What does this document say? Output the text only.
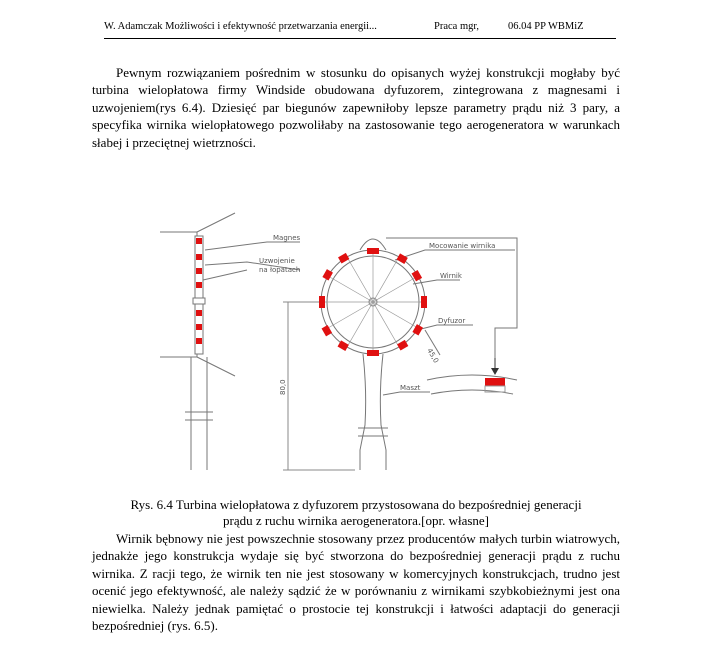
W. Adamczak Możliwości i efektywność przetwarzania energii...	Praca mgr,	06.04 PP WBMiZ

Pewnym rozwiązaniem pośrednim w stosunku do opisanych wyżej konstrukcji mogłaby być turbina wielopłatowa firmy Windside obudowana dyfuzorem, zintegrowana z magnesami i uzwojeniem(rys 6.4). Dziesięć par biegunów zapewniłoby lepsze parametry prądu niż 3 pary, a specyfika wirnika wielopłatowego pozwoliłaby na zastosowanie tego aerogeneratora w warunkach słabej i przeciętnej wietrzności.

Magnes
Uzwojenie
na łopatach
Mocowanie wirnika
Wirnik
Dyfuzor
Maszt
80,0
45,0
Rys. 6.4 Turbina wielopłatowa z dyfuzorem przystosowana do bezpośredniej generacji
prądu z ruchu wirnika aerogeneratora.[opr. własne]

Wirnik bębnowy nie jest powszechnie stosowany przez producentów małych turbin wiatrowych, jednakże jego konstrukcja wydaje się być stworzona do bezpośredniej generacji prądu z ruchu wirnika. Z racji tego, że wirnik ten nie jest stosowany w komercyjnych konstrukcjach, trudno jest ocenić jego efektywność, ale należy sądzić że w porównaniu z wirnikami szybkobieżnymi jest ona niewielka. Należy jednak pamiętać o prostocie tej konstrukcji i łatwości adaptacji do generacji bezpośredniej (rys. 6.5).
